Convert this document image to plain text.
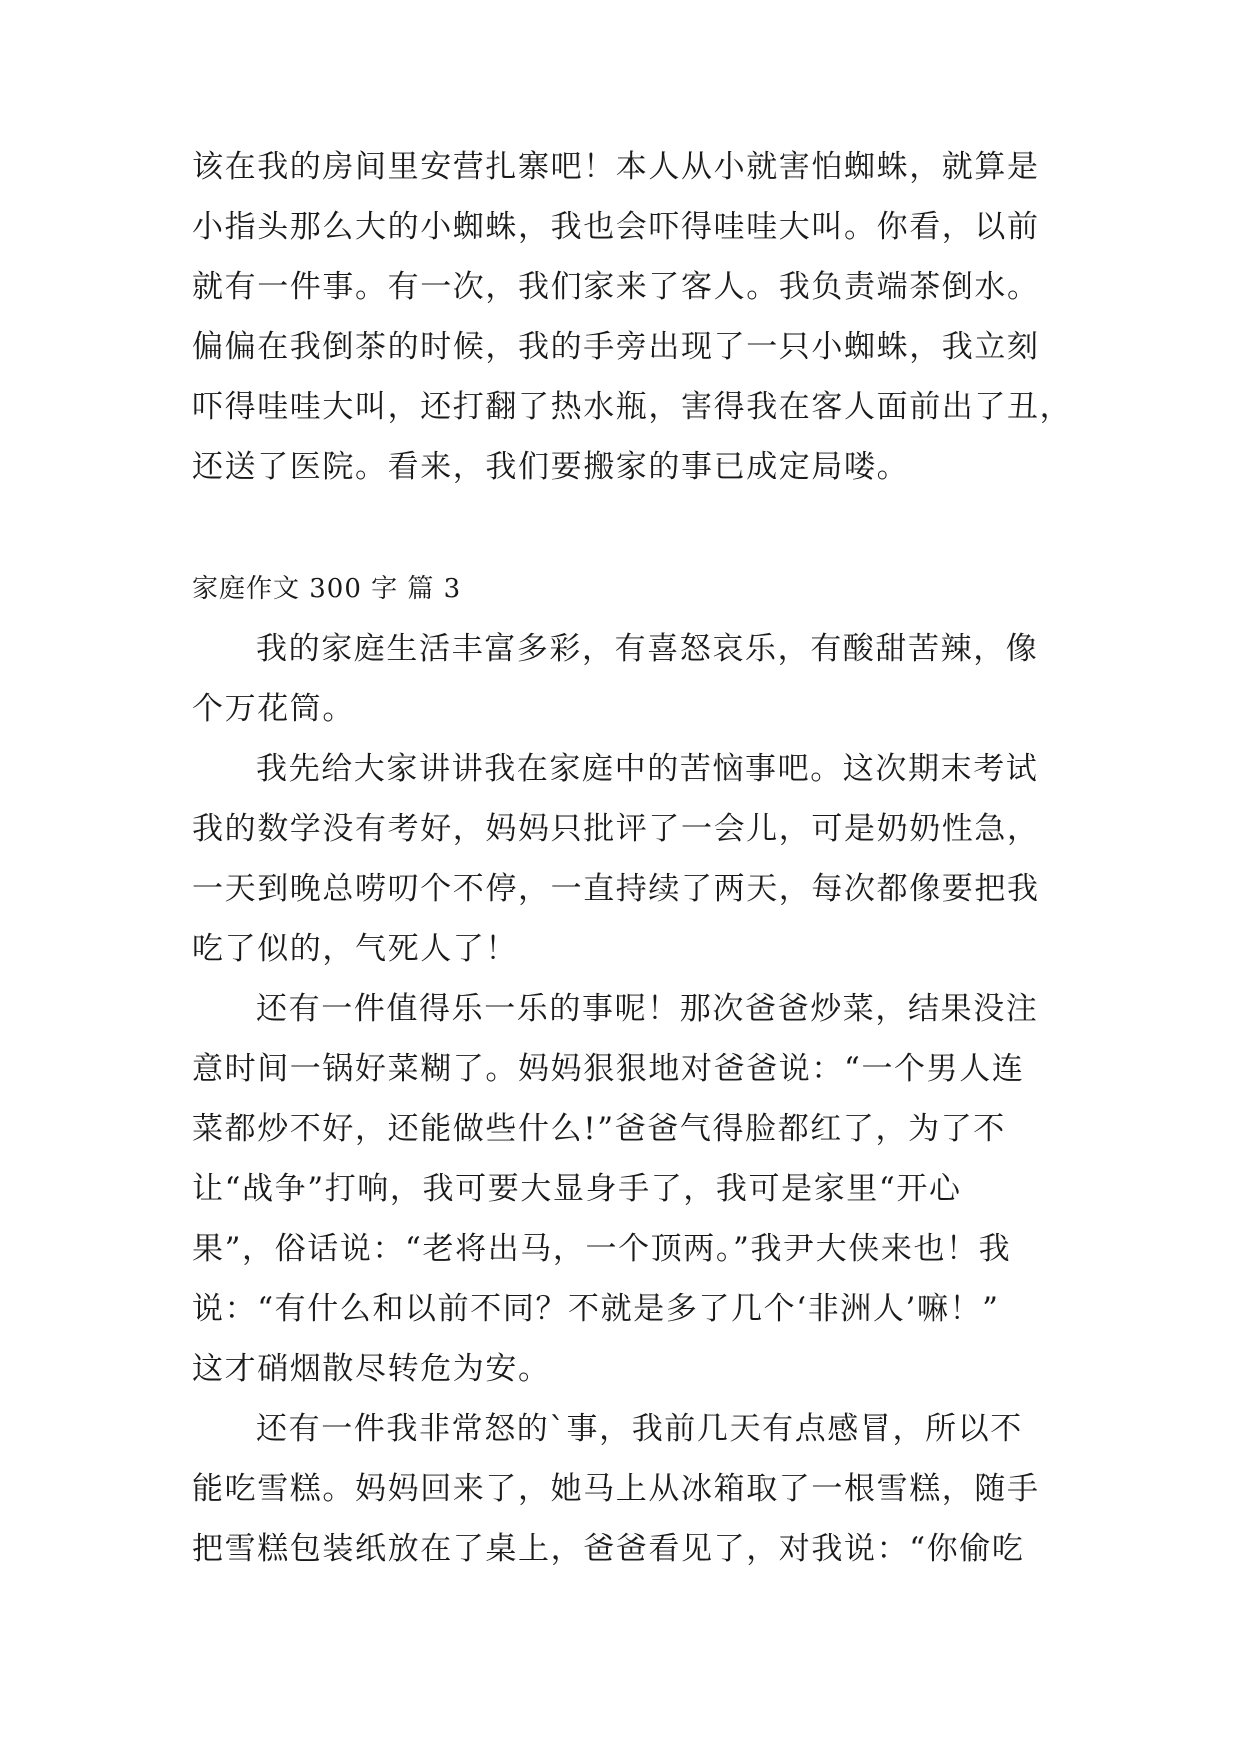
该在我的房间里安营扎寨吧！本人从小就害怕蜘蛛，就算是
小指头那么大的小蜘蛛，我也会吓得哇哇大叫。你看，以前
就有一件事。有一次，我们家来了客人。我负责端茶倒水。
偏偏在我倒茶的时候，我的手旁出现了一只小蜘蛛，我立刻
吓得哇哇大叫，还打翻了热水瓶，害得我在客人面前出了丑，
还送了医院。看来，我们要搬家的事已成定局喽。
家庭作文 300 字 篇 3
我的家庭生活丰富多彩，有喜怒哀乐，有酸甜苦辣，像
个万花筒。
我先给大家讲讲我在家庭中的苦恼事吧。这次期末考试
我的数学没有考好，妈妈只批评了一会儿，可是奶奶性急，
一天到晚总唠叨个不停，一直持续了两天，每次都像要把我
吃了似的，气死人了！
还有一件值得乐一乐的事呢！那次爸爸炒菜，结果没注
意时间一锅好菜糊了。妈妈狠狠地对爸爸说：“一个男人连
菜都炒不好，还能做些什么!”爸爸气得脸都红了，为了不
让“战争”打响，我可要大显身手了，我可是家里“开心
果”，俗话说：“老将出马，一个顶两。”我尹大侠来也！我
说：“有什么和以前不同？不就是多了几个‘非洲人’嘛！”
这才硝烟散尽转危为安。
还有一件我非常怒的`事，我前几天有点感冒，所以不
能吃雪糕。妈妈回来了，她马上从冰箱取了一根雪糕，随手
把雪糕包装纸放在了桌上，爸爸看见了，对我说：“你偷吃
